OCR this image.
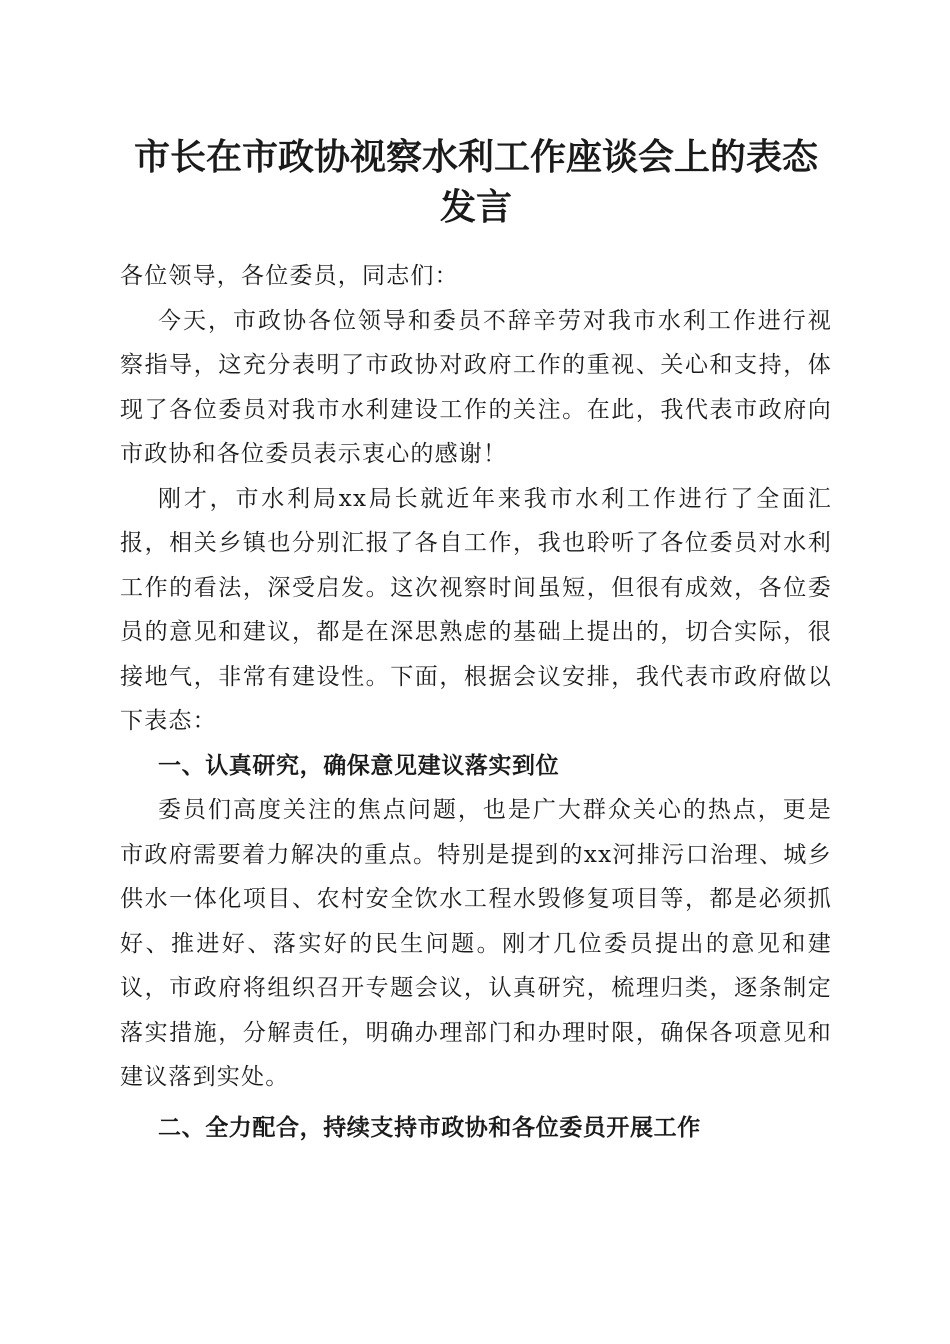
市长在市政协视察水利工作座谈会上的表态发言

各位领导，各位委员，同志们：

今天，市政协各位领导和委员不辞辛劳对我市水利工作进行视察指导，这充分表明了市政协对政府工作的重视、关心和支持，体现了各位委员对我市水利建设工作的关注。在此，我代表市政府向市政协和各位委员表示衷心的感谢！

刚才，市水利局xx局长就近年来我市水利工作进行了全面汇报，相关乡镇也分别汇报了各自工作，我也聆听了各位委员对水利工作的看法，深受启发。这次视察时间虽短，但很有成效，各位委员的意见和建议，都是在深思熟虑的基础上提出的，切合实际，很接地气，非常有建设性。下面，根据会议安排，我代表市政府做以下表态：

一、认真研究，确保意见建议落实到位

委员们高度关注的焦点问题，也是广大群众关心的热点，更是市政府需要着力解决的重点。特别是提到的xx河排污口治理、城乡供水一体化项目、农村安全饮水工程水毁修复项目等，都是必须抓好、推进好、落实好的民生问题。刚才几位委员提出的意见和建议，市政府将组织召开专题会议，认真研究，梳理归类，逐条制定落实措施，分解责任，明确办理部门和办理时限，确保各项意见和建议落到实处。

二、全力配合，持续支持市政协和各位委员开展工作
